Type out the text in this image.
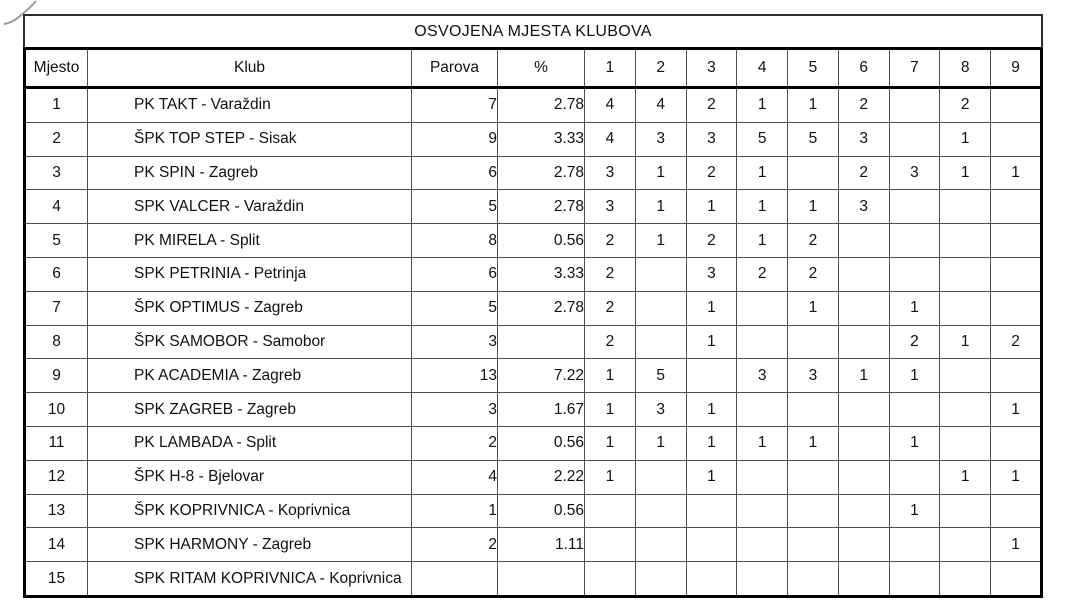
OSVOJENA MJESTA KLUBOVA
Mjesto	Klub	Parova	%	1	2	3	4	5	6	7	8	9
1	PK TAKT - Varaždin	7	2.78	4	4	2	1	1	2		2	
2	ŠPK TOP STEP - Sisak	9	3.33	4	3	3	5	5	3		1	
3	PK SPIN - Zagreb	6	2.78	3	1	2	1		2	3	1	1
4	SPK VALCER - Varaždin	5	2.78	3	1	1	1	1	3			
5	PK MIRELA - Split	8	0.56	2	1	2	1	2				
6	SPK PETRINIA - Petrinja	6	3.33	2		3	2	2				
7	ŠPK OPTIMUS - Zagreb	5	2.78	2		1		1		1		
8	ŠPK SAMOBOR - Samobor	3		2		1				2	1	2
9	PK ACADEMIA - Zagreb	13	7.22	1	5		3	3	1	1		
10	SPK ZAGREB - Zagreb	3	1.67	1	3	1						1
11	PK LAMBADA - Split	2	0.56	1	1	1	1	1		1		
12	ŠPK H-8 - Bjelovar	4	2.22	1		1					1	1
13	ŠPK KOPRIVNICA - Koprivnica	1	0.56							1		
14	SPK HARMONY - Zagreb	2	1.11									1
15	SPK RITAM KOPRIVNICA - Koprivnica											
